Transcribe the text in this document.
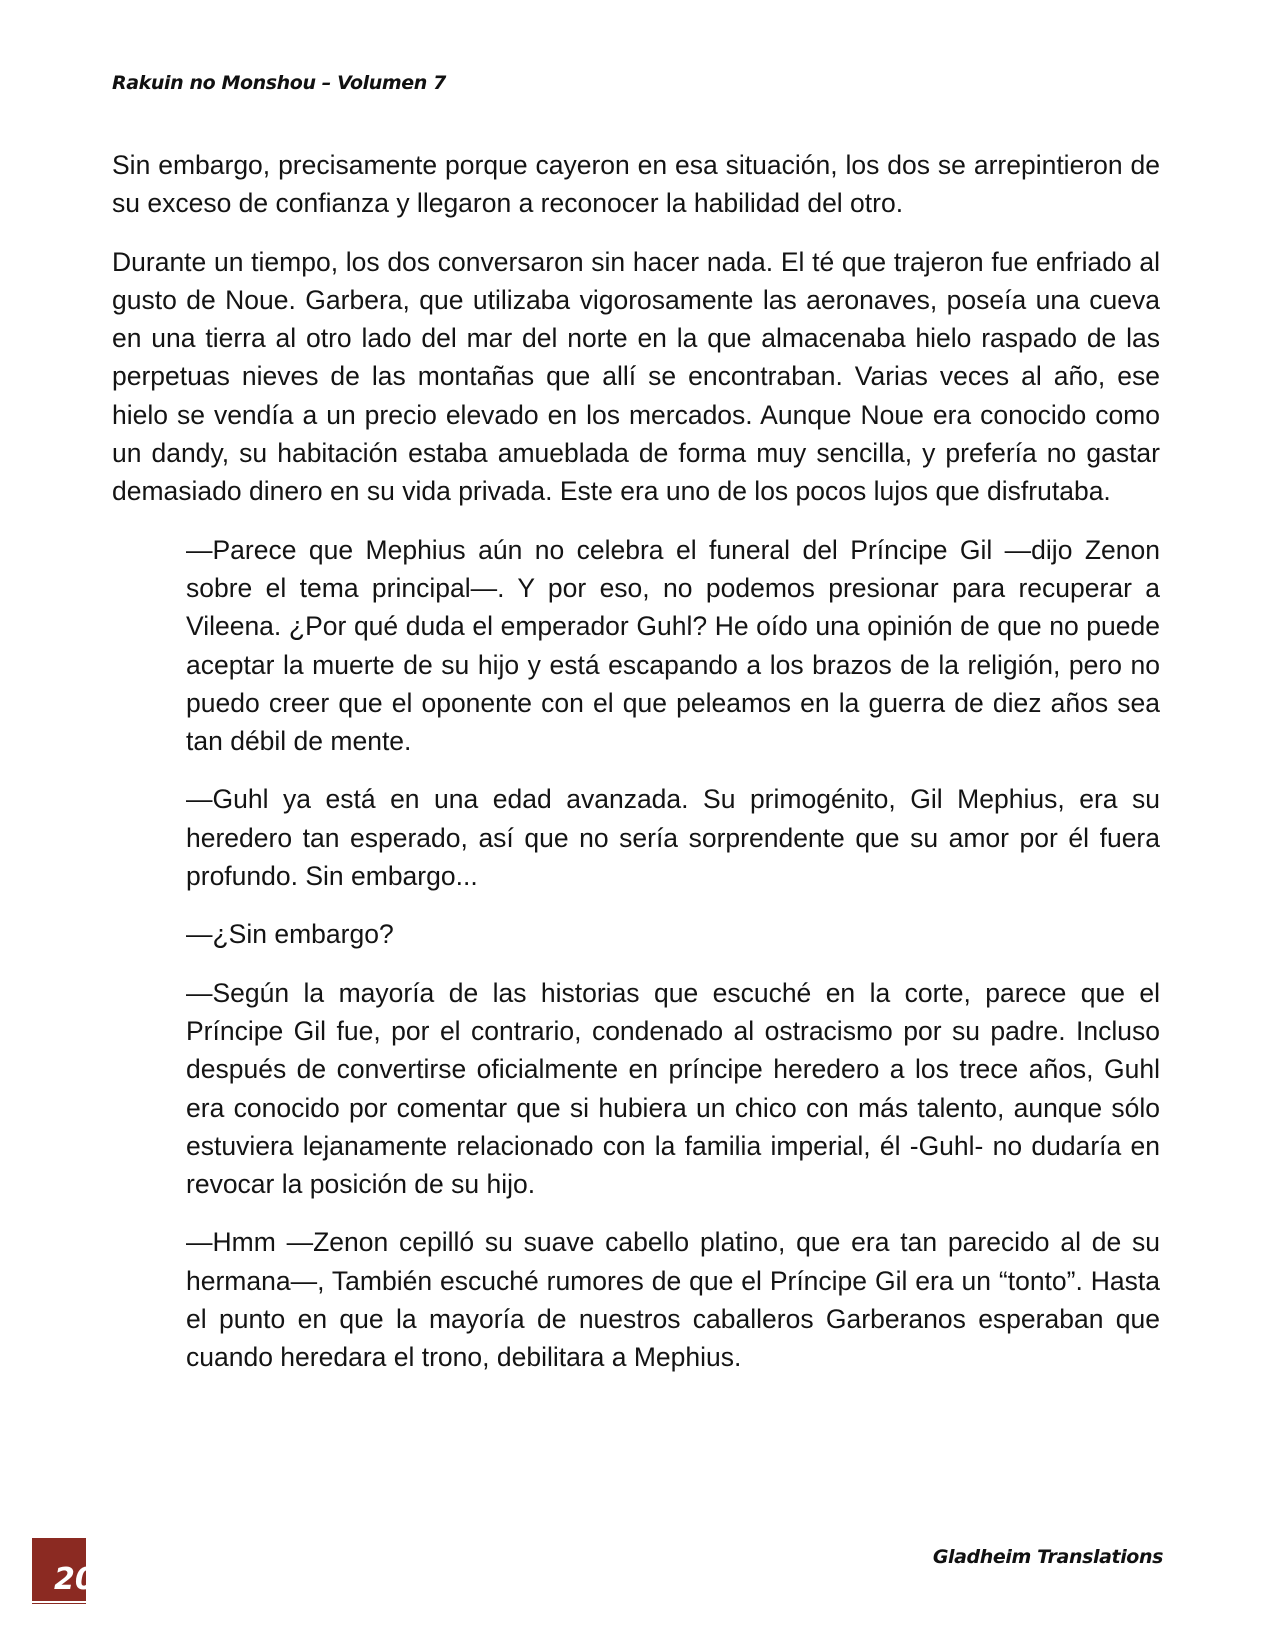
Rakuin no Monshou – Volumen 7

Sin embargo, precisamente porque cayeron en esa situación, los dos se arrepintieron de su exceso de confianza y llegaron a reconocer la habilidad del otro.

Durante un tiempo, los dos conversaron sin hacer nada. El té que trajeron fue enfriado al gusto de Noue. Garbera, que utilizaba vigorosamente las aeronaves, poseía una cueva en una tierra al otro lado del mar del norte en la que almacenaba hielo raspado de las perpetuas nieves de las montañas que allí se encontraban. Varias veces al año, ese hielo se vendía a un precio elevado en los mercados. Aunque Noue era conocido como un dandy, su habitación estaba amueblada de forma muy sencilla, y prefería no gastar demasiado dinero en su vida privada. Este era uno de los pocos lujos que disfrutaba.

—Parece que Mephius aún no celebra el funeral del Príncipe Gil —dijo Zenon sobre el tema principal—. Y por eso, no podemos presionar para recuperar a Vileena. ¿Por qué duda el emperador Guhl? He oído una opinión de que no puede aceptar la muerte de su hijo y está escapando a los brazos de la religión, pero no puedo creer que el oponente con el que peleamos en la guerra de diez años sea tan débil de mente.

—Guhl ya está en una edad avanzada. Su primogénito, Gil Mephius, era su heredero tan esperado, así que no sería sorprendente que su amor por él fuera profundo. Sin embargo...

—¿Sin embargo?

—Según la mayoría de las historias que escuché en la corte, parece que el Príncipe Gil fue, por el contrario, condenado al ostracismo por su padre. Incluso después de convertirse oficialmente en príncipe heredero a los trece años, Guhl era conocido por comentar que si hubiera un chico con más talento, aunque sólo estuviera lejanamente relacionado con la familia imperial, él -Guhl- no dudaría en revocar la posición de su hijo.

—Hmm —Zenon cepilló su suave cabello platino, que era tan parecido al de su hermana—, También escuché rumores de que el Príncipe Gil era un “tonto”. Hasta el punto en que la mayoría de nuestros caballeros Garberanos esperaban que cuando heredara el trono, debilitara a Mephius.

20
Gladheim Translations
